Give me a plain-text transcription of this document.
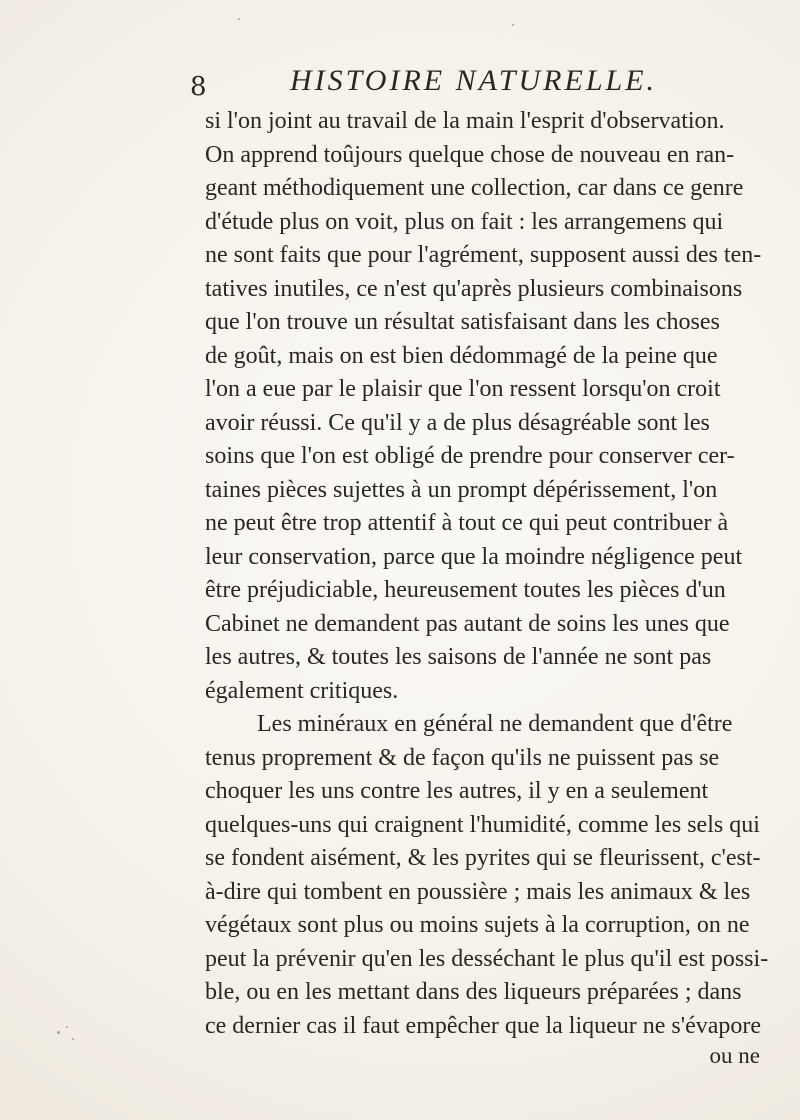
8	HISTOIRE NATURELLE.
si l'on joint au travail de la main l'esprit d'observation.
On apprend toûjours quelque chose de nouveau en ran-
geant méthodiquement une collection, car dans ce genre
d'étude plus on voit, plus on fait : les arrangemens qui
ne sont faits que pour l'agrément, supposent aussi des ten-
tatives inutiles, ce n'est qu'après plusieurs combinaisons
que l'on trouve un résultat satisfaisant dans les choses
de goût, mais on est bien dédommagé de la peine que
l'on a eue par le plaisir que l'on ressent lorsqu'on croit
avoir réussi. Ce qu'il y a de plus désagréable sont les
soins que l'on est obligé de prendre pour conserver cer-
taines pièces sujettes à un prompt dépérissement, l'on
ne peut être trop attentif à tout ce qui peut contribuer à
leur conservation, parce que la moindre négligence peut
être préjudiciable, heureusement toutes les pièces d'un
Cabinet ne demandent pas autant de soins les unes que
les autres, & toutes les saisons de l'année ne sont pas
également critiques.
Les minéraux en général ne demandent que d'être
tenus proprement & de façon qu'ils ne puissent pas se
choquer les uns contre les autres, il y en a seulement
quelques-uns qui craignent l'humidité, comme les sels qui
se fondent aisément, & les pyrites qui se fleurissent, c'est-
à-dire qui tombent en poussière ; mais les animaux & les
végétaux sont plus ou moins sujets à la corruption, on ne
peut la prévenir qu'en les desséchant le plus qu'il est possi-
ble, ou en les mettant dans des liqueurs préparées ; dans
ce dernier cas il faut empêcher que la liqueur ne s'évapore
ou ne
